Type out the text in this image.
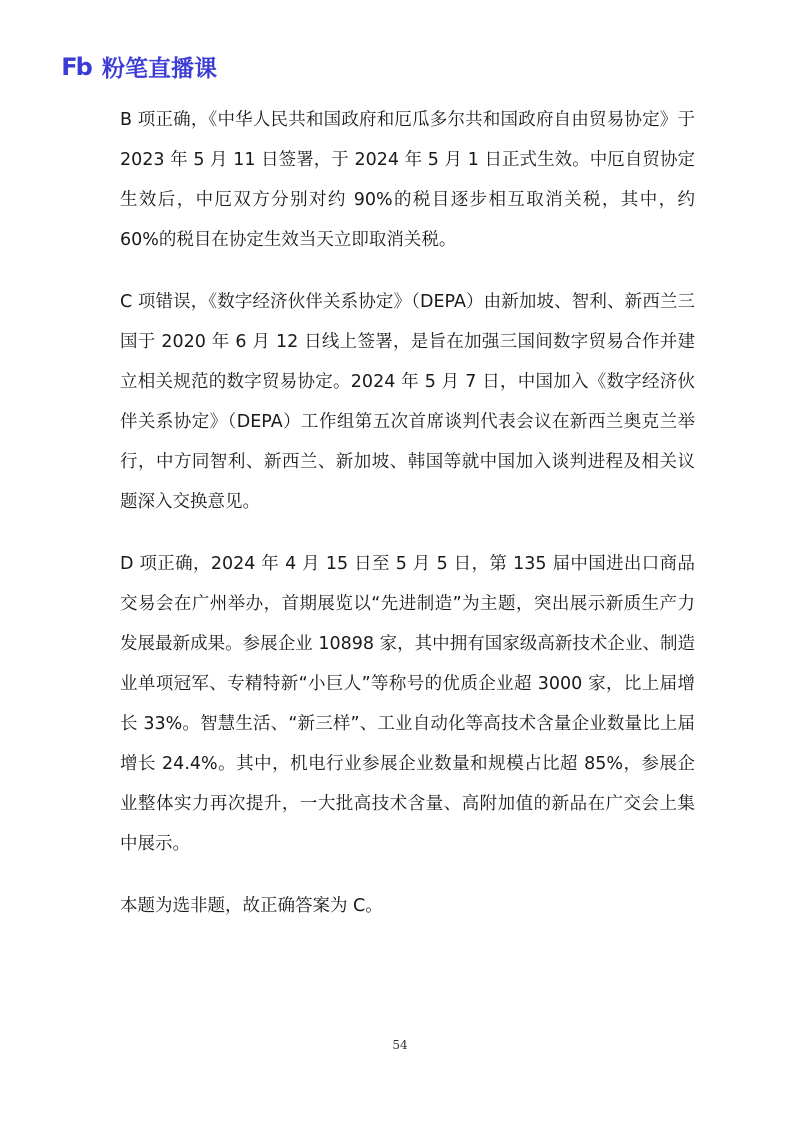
Fb 粉笔直播课

B 项正确，《中华人民共和国政府和厄瓜多尔共和国政府自由贸易协定》于 2023 年 5 月 11 日签署，于 2024 年 5 月 1 日正式生效。中厄自贸协定生效后，中厄双方分别对约 90%的税目逐步相互取消关税，其中，约 60%的税目在协定生效当天立即取消关税。

C 项错误，《数字经济伙伴关系协定》（DEPA）由新加坡、智利、新西兰三国于 2020 年 6 月 12 日线上签署，是旨在加强三国间数字贸易合作并建立相关规范的数字贸易协定。2024 年 5 月 7 日，中国加入《数字经济伙伴关系协定》（DEPA）工作组第五次首席谈判代表会议在新西兰奥克兰举行，中方同智利、新西兰、新加坡、韩国等就中国加入谈判进程及相关议题深入交换意见。

D 项正确，2024 年 4 月 15 日至 5 月 5 日，第 135 届中国进出口商品交易会在广州举办，首期展览以“先进制造”为主题，突出展示新质生产力发展最新成果。参展企业 10898 家，其中拥有国家级高新技术企业、制造业单项冠军、专精特新“小巨人”等称号的优质企业超 3000 家，比上届增长 33%。智慧生活、“新三样”、工业自动化等高技术含量企业数量比上届增长 24.4%。其中，机电行业参展企业数量和规模占比超 85%，参展企业整体实力再次提升，一大批高技术含量、高附加值的新品在广交会上集中展示。

本题为选非题，故正确答案为 C。

54
